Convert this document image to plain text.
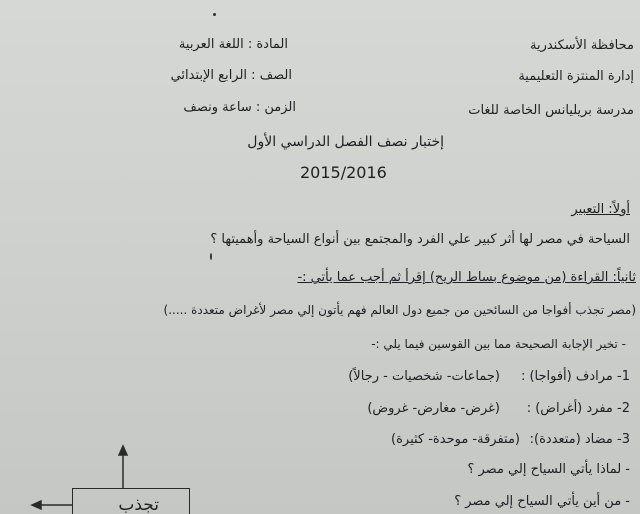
محافظة الأسكندرية
إدارة المنتزة التعليمية
مدرسة بريليانس الخاصة للغات
المادة : اللغة العربية
الصف : الرابع الإبتدائي
الزمن : ساعة ونصف
إختبار نصف الفصل الدراسي الأول
2015/2016
أولاً: التعبير
السياحة في مصر لها أثر كبير علي الفرد والمجتمع بين أنواع السياحة وأهميتها ؟
ثانياً: القراءة (من موضوع بساط الريح) إقرأ ثم أجب عما يأتي :-
(مصر تجذب أفواجا من السائحين من جميع دول العالم فهم يأتون إلي مصر لأغراض متعددة .....)
- تخير الإجابة الصحيحة مما بين القوسين فيما يلي :-
1- مرادف (أفواجا) :
(جماعات- شخصيات - رجالاً)
2- مفرد (أغراض) :
(غرض- مغارض- غروض)
3- مضاد (متعددة):
(متفرقة- موحدة- كثيرة)
- لماذا يأتي السياح إلي مصر ؟
- من أين يأتي السياح إلي مصر ؟
تجذب
